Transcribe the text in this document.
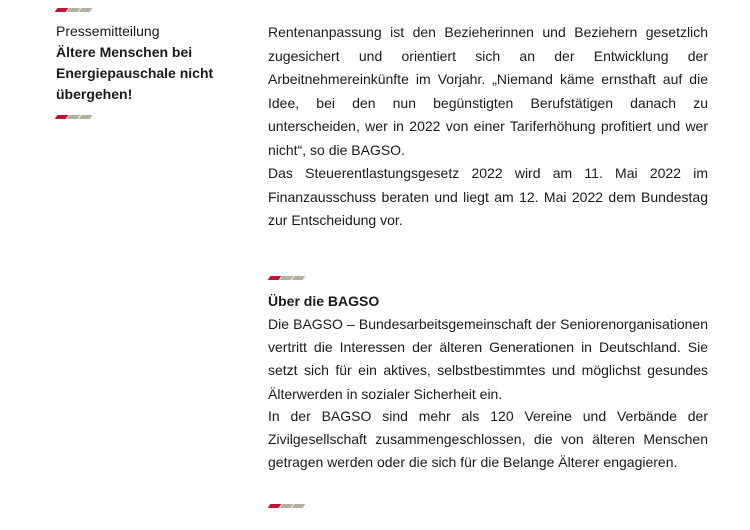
Pressemitteilung
Ältere Menschen bei Energiepauschale nicht übergehen!

Rentenanpassung ist den Bezieherinnen und Beziehern gesetzlich zugesichert und orientiert sich an der Entwicklung der Arbeitnehmereinkünfte im Vorjahr. „Niemand käme ernsthaft auf die Idee, bei den nun begünstigten Berufstätigen danach zu unterscheiden, wer in 2022 von einer Tariferhöhung profitiert und wer nicht“, so die BAGSO.

Das Steuerentlastungsgesetz 2022 wird am 11. Mai 2022 im Finanzausschuss beraten und liegt am 12. Mai 2022 dem Bundestag zur Entscheidung vor.

Über die BAGSO

Die BAGSO – Bundesarbeitsgemeinschaft der Seniorenorganisationen vertritt die Interessen der älteren Generationen in Deutschland. Sie setzt sich für ein aktives, selbstbestimmtes und möglichst gesundes Älterwerden in sozialer Sicherheit ein.

In der BAGSO sind mehr als 120 Vereine und Verbände der Zivilgesellschaft zusammengeschlossen, die von älteren Menschen getragen werden oder die sich für die Belange Älterer engagieren.
